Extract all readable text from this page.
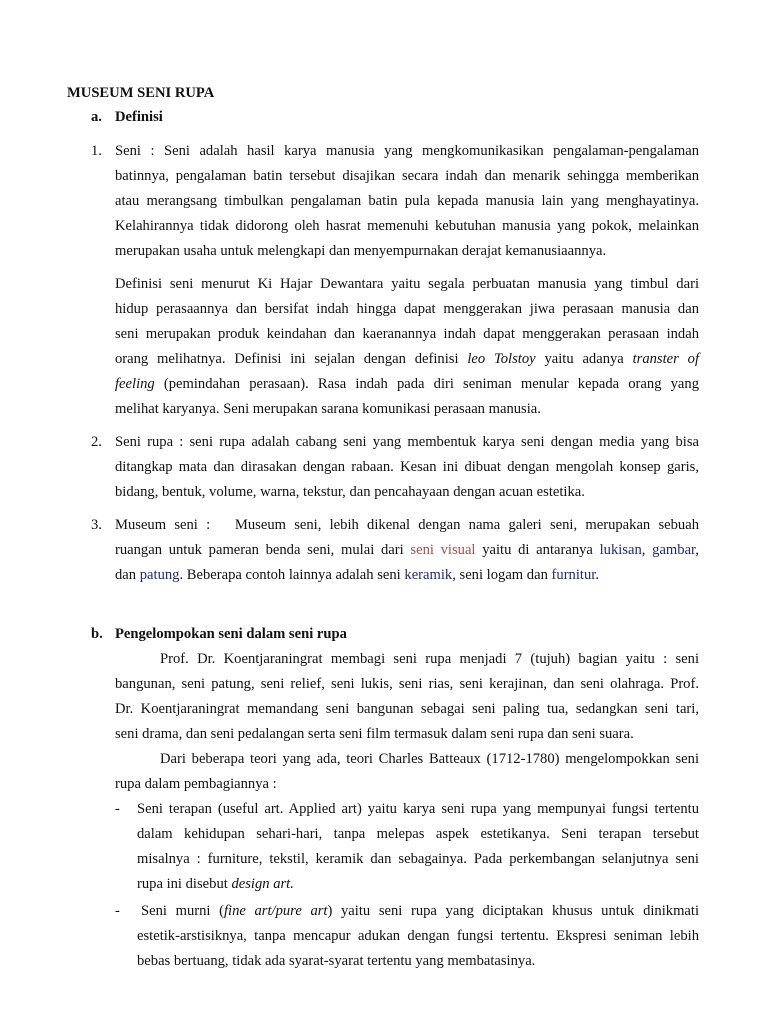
MUSEUM SENI RUPA
a. Definisi
1. Seni : Seni adalah hasil karya manusia yang mengkomunikasikan pengalaman-pengalaman
batinnya, pengalaman batin tersebut disajikan secara indah dan menarik sehingga memberikan
atau merangsang timbulkan pengalaman batin pula kepada manusia lain yang menghayatinya.
Kelahirannya tidak didorong oleh hasrat memenuhi kebutuhan manusia yang pokok, melainkan
merupakan usaha untuk melengkapi dan menyempurnakan derajat kemanusiaannya.
Definisi seni menurut Ki Hajar Dewantara yaitu segala perbuatan manusia yang timbul dari
hidup perasaannya dan bersifat indah hingga dapat menggerakan jiwa perasaan manusia dan
seni merupakan produk keindahan dan kaeranannya indah dapat menggerakan perasaan indah
orang melihatnya. Definisi ini sejalan dengan definisi leo Tolstoy yaitu adanya transter of
feeling (pemindahan perasaan). Rasa indah pada diri seniman menular kepada orang yang
melihat karyanya. Seni merupakan sarana komunikasi perasaan manusia.
2. Seni rupa : seni rupa adalah cabang seni yang membentuk karya seni dengan media yang bisa
ditangkap mata dan dirasakan dengan rabaan. Kesan ini dibuat dengan mengolah konsep garis,
bidang, bentuk, volume, warna, tekstur, dan pencahayaan dengan acuan estetika.
3. Museum seni :   Museum seni, lebih dikenal dengan nama galeri seni, merupakan sebuah
ruangan untuk pameran benda seni, mulai dari seni visual yaitu di antaranya lukisan, gambar,
dan patung. Beberapa contoh lainnya adalah seni keramik, seni logam dan furnitur.
b. Pengelompokan seni dalam seni rupa
Prof. Dr. Koentjaraningrat membagi seni rupa menjadi 7 (tujuh) bagian yaitu : seni
bangunan, seni patung, seni relief, seni lukis, seni rias, seni kerajinan, dan seni olahraga. Prof.
Dr. Koentjaraningrat memandang seni bangunan sebagai seni paling tua, sedangkan seni tari,
seni drama, dan seni pedalangan serta seni film termasuk dalam seni rupa dan seni suara.
Dari beberapa teori yang ada, teori Charles Batteaux (1712-1780) mengelompokkan seni
rupa dalam pembagiannya :
- Seni terapan (useful art. Applied art) yaitu karya seni rupa yang mempunyai fungsi tertentu
dalam kehidupan sehari-hari, tanpa melepas aspek estetikanya. Seni terapan tersebut
misalnya : furniture, tekstil, keramik dan sebagainya. Pada perkembangan selanjutnya seni
rupa ini disebut design art.
- Seni murni (fine art/pure art) yaitu seni rupa yang diciptakan khusus untuk dinikmati
estetik-arstisiknya, tanpa mencapur adukan dengan fungsi tertentu. Ekspresi seniman lebih
bebas bertuang, tidak ada syarat-syarat tertentu yang membatasinya.
